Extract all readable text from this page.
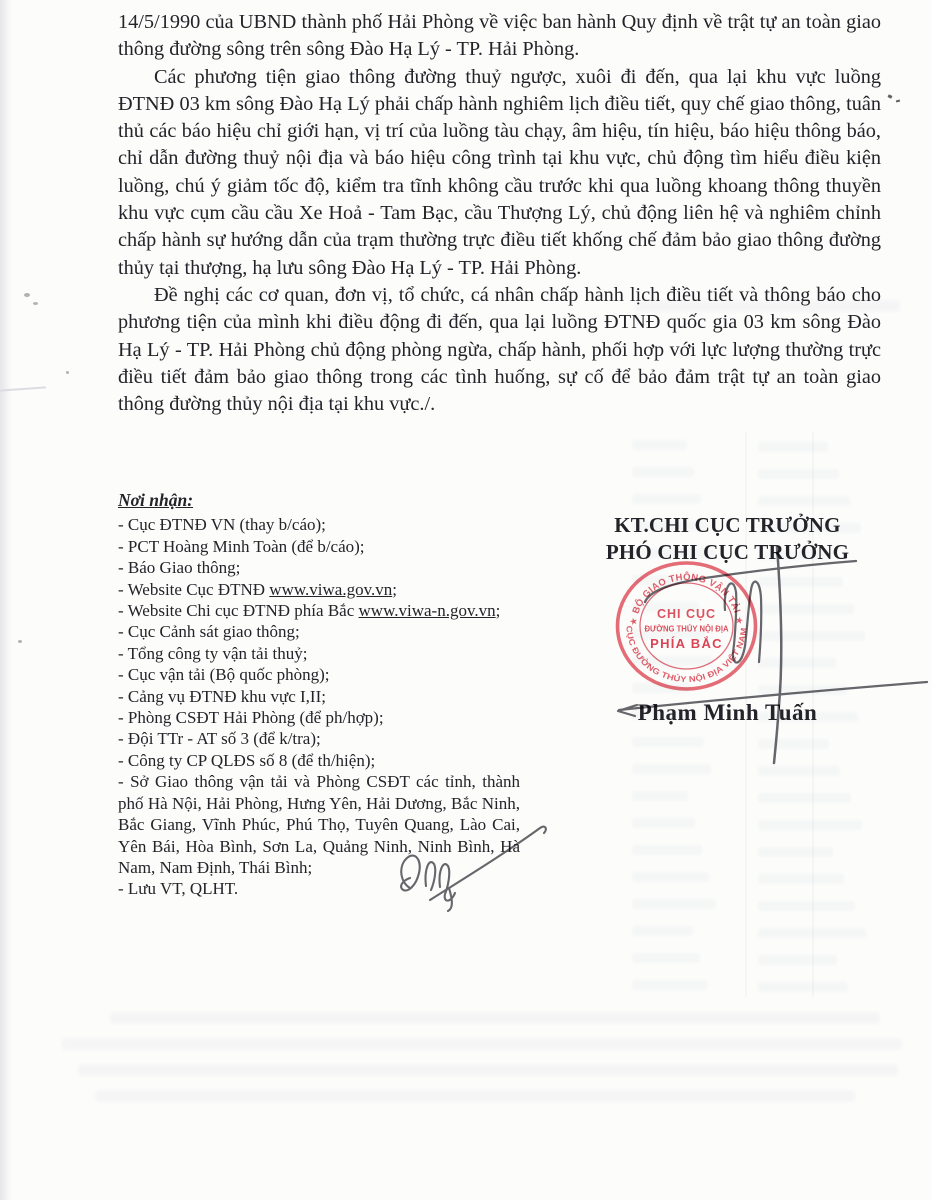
14/5/1990 của UBND thành phố Hải Phòng về việc ban hành Quy định về trật tự an toàn giao thông đường sông trên sông Đào Hạ Lý - TP. Hải Phòng.

Các phương tiện giao thông đường thuỷ ngược, xuôi đi đến, qua lại khu vực luồng ĐTNĐ 03 km sông Đào Hạ Lý phải chấp hành nghiêm lịch điều tiết, quy chế giao thông, tuân thủ các báo hiệu chỉ giới hạn, vị trí của luồng tàu chạy, âm hiệu, tín hiệu, báo hiệu thông báo, chỉ dẫn đường thuỷ nội địa và báo hiệu công trình tại khu vực, chủ động tìm hiểu điều kiện luồng, chú ý giảm tốc độ, kiểm tra tĩnh không cầu trước khi qua luồng khoang thông thuyền khu vực cụm cầu cầu Xe Hoả - Tam Bạc, cầu Thượng Lý, chủ động liên hệ và nghiêm chỉnh chấp hành sự hướng dẫn của trạm thường trực điều tiết khống chế đảm bảo giao thông đường thủy tại thượng, hạ lưu sông Đào Hạ Lý - TP. Hải Phòng.

Đề nghị các cơ quan, đơn vị, tổ chức, cá nhân chấp hành lịch điều tiết và thông báo cho phương tiện của mình khi điều động đi đến, qua lại luồng ĐTNĐ quốc gia 03 km sông Đào Hạ Lý - TP. Hải Phòng chủ động phòng ngừa, chấp hành, phối hợp với lực lượng thường trực điều tiết đảm bảo giao thông trong các tình huống, sự cố để bảo đảm trật tự an toàn giao thông đường thủy nội địa tại khu vực./.

Nơi nhận:

- Cục ĐTNĐ VN (thay b/cáo);
- PCT Hoàng Minh Toàn (để b/cáo);
- Báo Giao thông;
- Website Cục ĐTNĐ www.viwa.gov.vn;
- Website Chi cục ĐTNĐ phía Bắc www.viwa-n.gov.vn;
- Cục Cảnh sát giao thông;
- Tổng công ty vận tải thuỷ;
- Cục vận tải (Bộ quốc phòng);
- Cảng vụ ĐTNĐ khu vực I,II;
- Phòng CSĐT Hải Phòng (để ph/hợp);
- Đội TTr - AT số 3 (để k/tra);
- Công ty CP QLĐS số 8 (để th/hiện);
- Sở Giao thông vận tải và Phòng CSĐT các tỉnh, thành phố Hà Nội, Hải Phòng, Hưng Yên, Hải Dương, Bắc Ninh, Bắc Giang, Vĩnh Phúc, Phú Thọ, Tuyên Quang, Lào Cai, Yên Bái, Hòa Bình, Sơn La, Quảng Ninh, Ninh Bình, Hà Nam, Nam Định, Thái Bình;
- Lưu VT, QLHT.
KT.CHI CỤC TRƯỞNG
PHÓ CHI CỤC TRƯỞNG
Phạm Minh Tuấn
★ BỘ GIAO THÔNG VẬN TẢI ★
CỤC ĐƯỜNG THỦY NỘI ĐỊA VIỆT NAM
CHI CỤC
ĐƯỜNG THỦY NỘI ĐỊA
PHÍA BẮC
